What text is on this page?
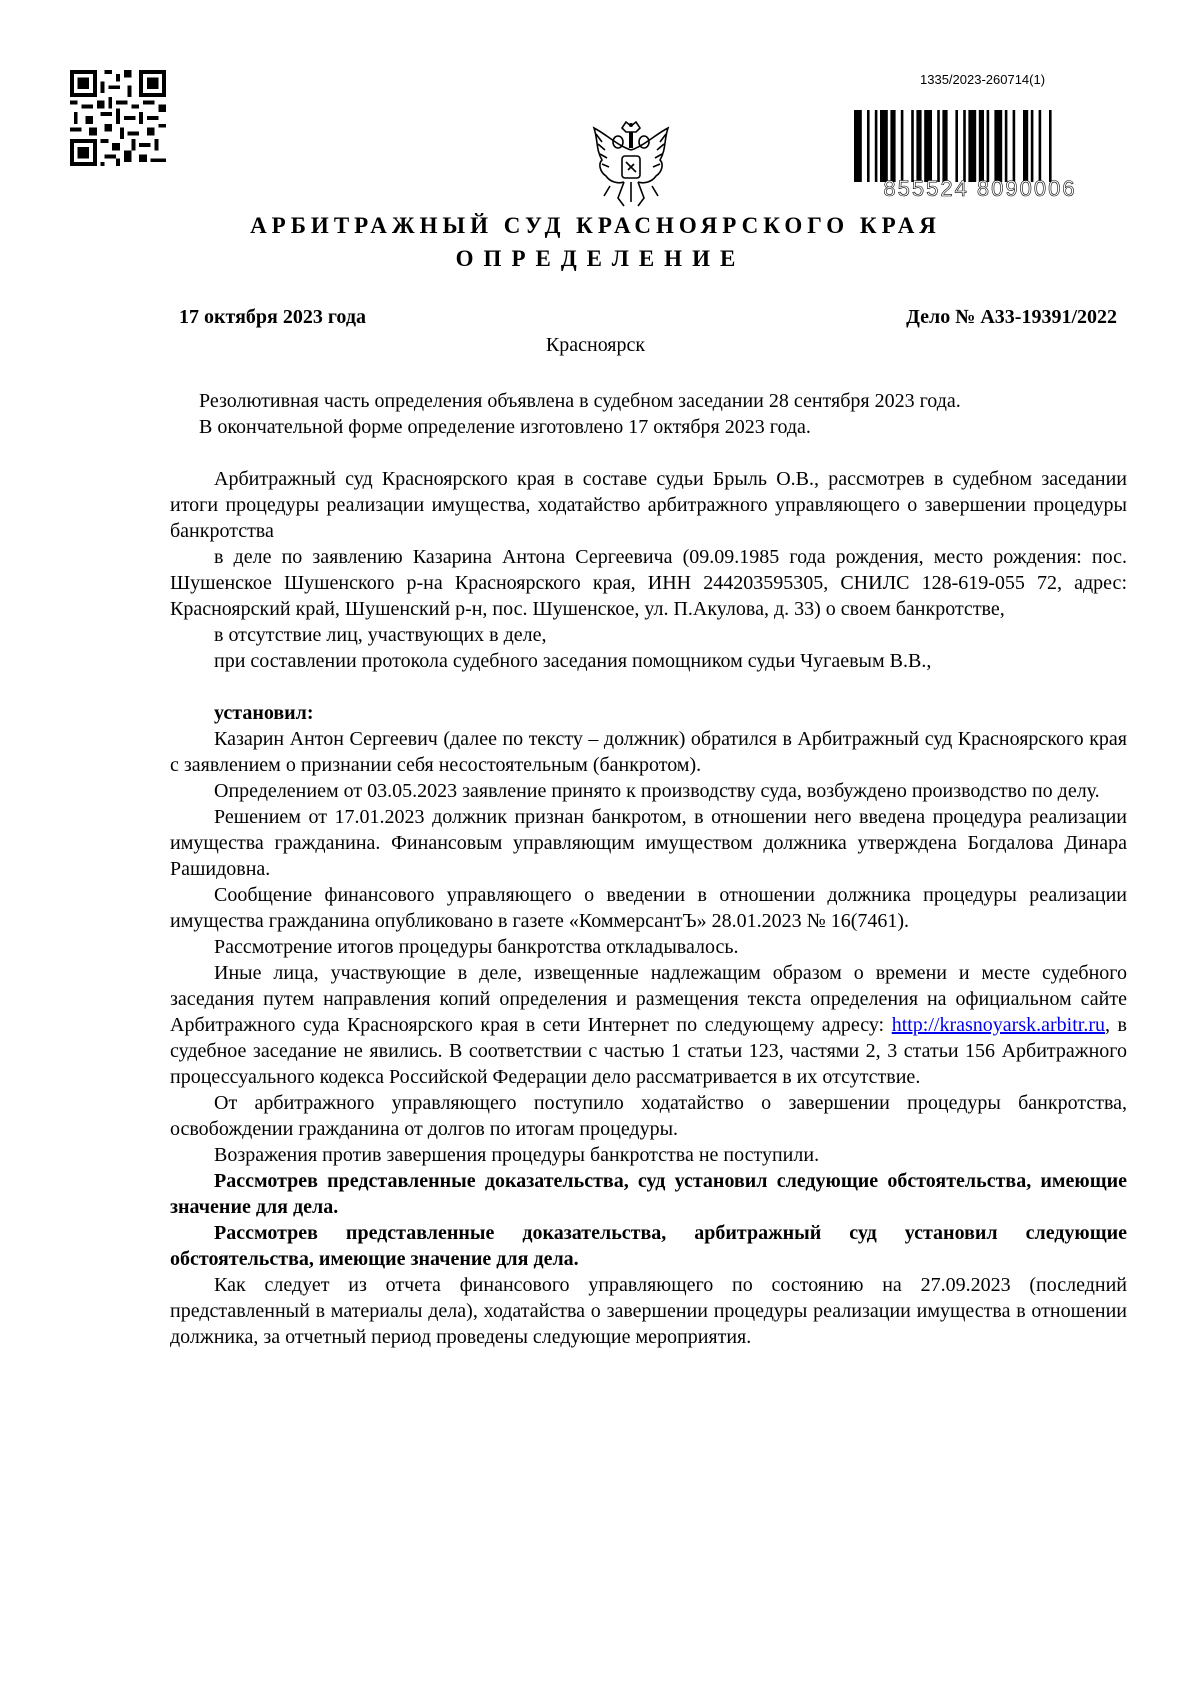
1335/2023-260714(1)
855524 8090006
АРБИТРАЖНЫЙ СУД КРАСНОЯРСКОГО КРАЯ
ОПРЕДЕЛЕНИЕ
17 октября 2023 года	Дело № А33-19391/2022
Красноярск
Резолютивная часть определения объявлена в судебном заседании 28 сентября 2023 года.
В окончательной форме определение изготовлено 17 октября 2023 года.

Арбитражный суд Красноярского края в составе судьи Брыль О.В., рассмотрев в судебном заседании итоги процедуры реализации имущества, ходатайство арбитражного управляющего о завершении процедуры банкротства

в деле по заявлению Казарина Антона Сергеевича (09.09.1985 года рождения, место рождения: пос. Шушенское Шушенского р-на Красноярского края, ИНН 244203595305, СНИЛС 128-619-055 72, адрес: Красноярский край, Шушенский р-н, пос. Шушенское, ул. П.Акулова, д. 33) о своем банкротстве,

в отсутствие лиц, участвующих в деле,

при составлении протокола судебного заседания помощником судьи Чугаевым В.В.,

установил:

Казарин Антон Сергеевич (далее по тексту – должник) обратился в Арбитражный суд Красноярского края с заявлением о признании себя несостоятельным (банкротом).

Определением от 03.05.2023 заявление принято к производству суда, возбуждено производство по делу.

Решением от 17.01.2023 должник признан банкротом, в отношении него введена процедура реализации имущества гражданина. Финансовым управляющим имуществом должника утверждена Богдалова Динара Рашидовна.

Сообщение финансового управляющего о введении в отношении должника процедуры реализации имущества гражданина опубликовано в газете «КоммерсантЪ» 28.01.2023 № 16(7461).

Рассмотрение итогов процедуры банкротства откладывалось.

Иные лица, участвующие в деле, извещенные надлежащим образом о времени и месте судебного заседания путем направления копий определения и размещения текста определения на официальном сайте Арбитражного суда Красноярского края в сети Интернет по следующему адресу: http://krasnoyarsk.arbitr.ru, в судебное заседание не явились. В соответствии с частью 1 статьи 123, частями 2, 3 статьи 156 Арбитражного процессуального кодекса Российской Федерации дело рассматривается в их отсутствие.

От арбитражного управляющего поступило ходатайство о завершении процедуры банкротства, освобождении гражданина от долгов по итогам процедуры.

Возражения против завершения процедуры банкротства не поступили.

Рассмотрев представленные доказательства, суд установил следующие обстоятельства, имеющие значение для дела.

Рассмотрев представленные доказательства, арбитражный суд установил следующие обстоятельства, имеющие значение для дела.

Как следует из отчета финансового управляющего по состоянию на 27.09.2023 (последний представленный в материалы дела), ходатайства о завершении процедуры реализации имущества в отношении должника, за отчетный период проведены следующие мероприятия.
